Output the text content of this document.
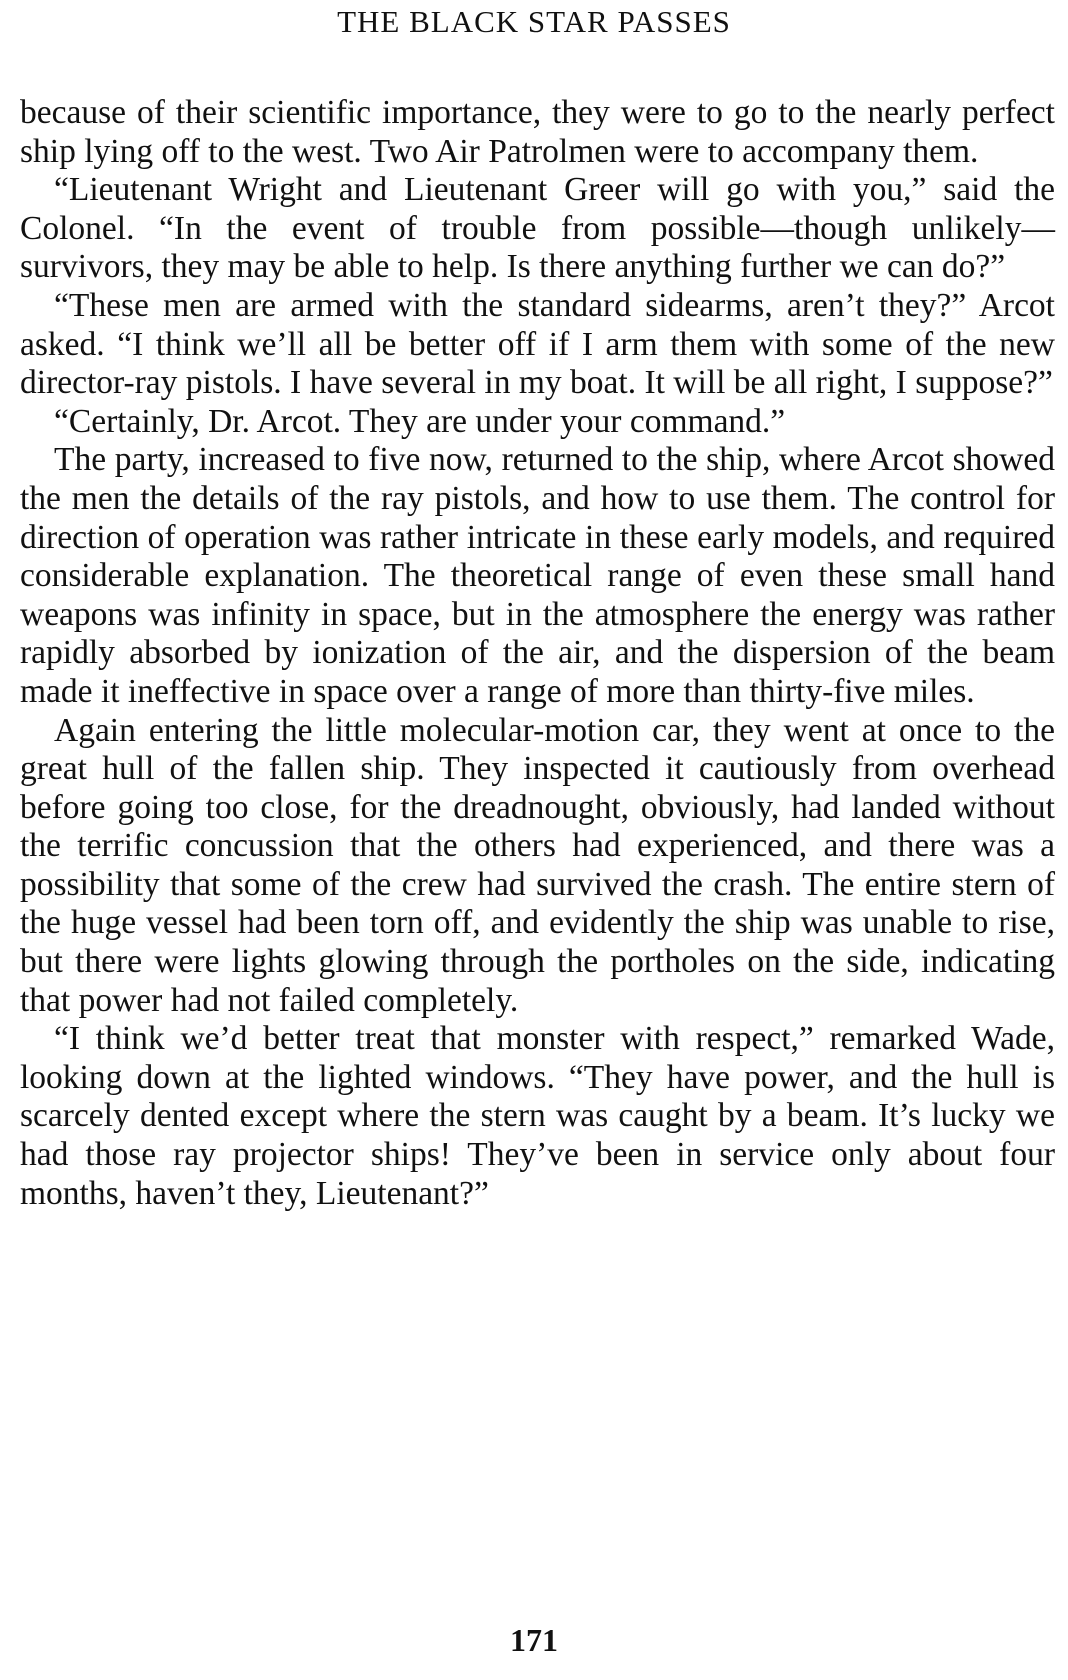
THE BLACK STAR PASSES

because of their scientific importance, they were to go to the nearly perfect ship lying off to the west. Two Air Patrolmen were to accompany them.

“Lieutenant Wright and Lieutenant Greer will go with you,” said the Colonel. “In the event of trouble from possible—though unlikely—survivors, they may be able to help. Is there anything further we can do?”

“These men are armed with the standard sidearms, aren’t they?” Arcot asked. “I think we’ll all be better off if I arm them with some of the new director-ray pistols. I have several in my boat. It will be all right, I suppose?”

“Certainly, Dr. Arcot. They are under your command.”

The party, increased to five now, returned to the ship, where Arcot showed the men the details of the ray pistols, and how to use them. The control for direction of operation was rather intricate in these early models, and required considerable explanation. The theoretical range of even these small hand weapons was infinity in space, but in the atmosphere the energy was rather rapidly absorbed by ionization of the air, and the dispersion of the beam made it ineffective in space over a range of more than thirty-five miles.

Again entering the little molecular-motion car, they went at once to the great hull of the fallen ship. They inspected it cautiously from overhead before going too close, for the dreadnought, obviously, had landed without the terrific concussion that the others had experienced, and there was a possibility that some of the crew had survived the crash. The entire stern of the huge vessel had been torn off, and evidently the ship was unable to rise, but there were lights glowing through the portholes on the side, indicating that power had not failed completely.

“I think we’d better treat that monster with respect,” remarked Wade, looking down at the lighted windows. “They have power, and the hull is scarcely dented except where the stern was caught by a beam. It’s lucky we had those ray projector ships! They’ve been in service only about four months, haven’t they, Lieutenant?”

171
